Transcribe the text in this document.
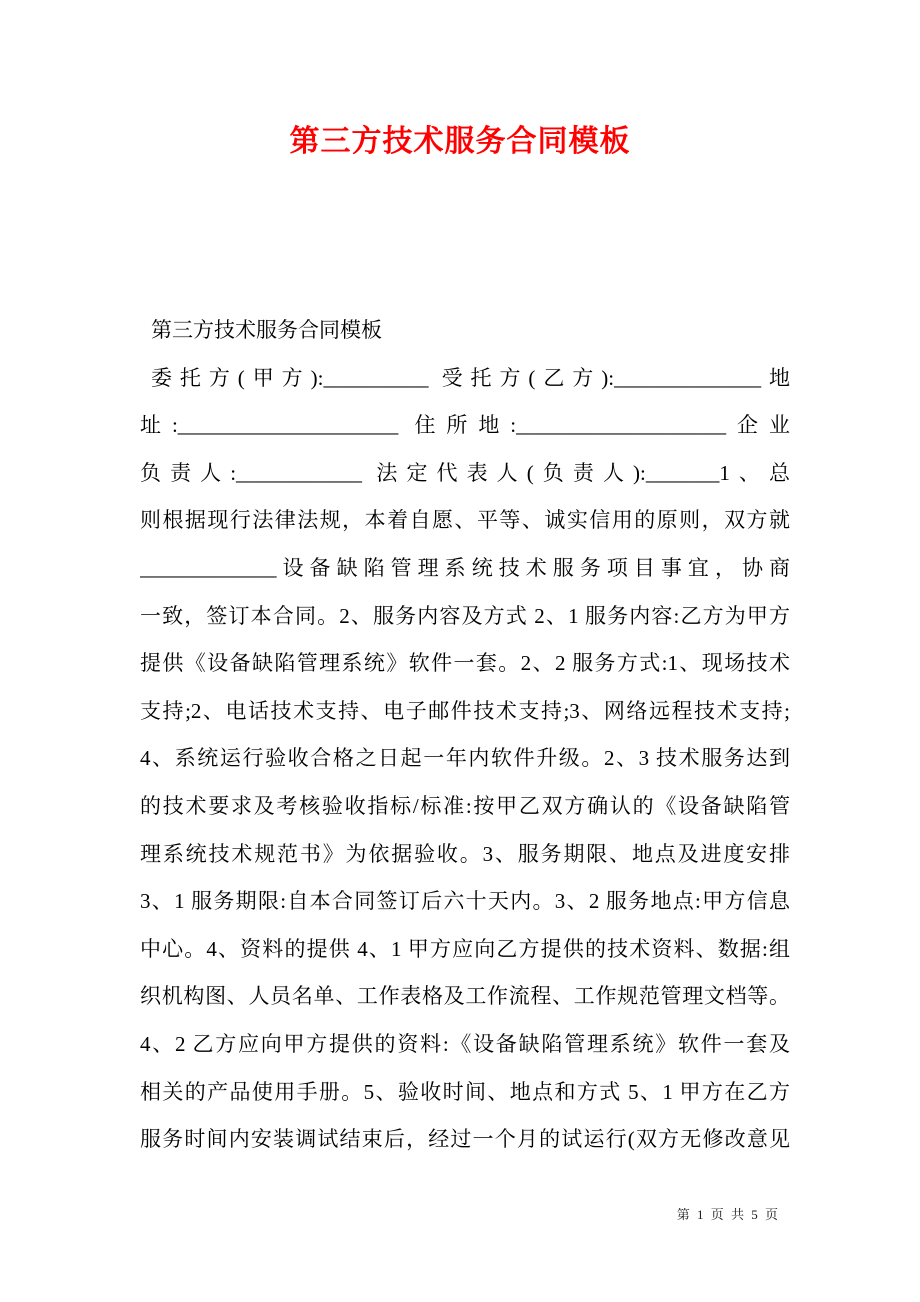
第三方技术服务合同模板
第三方技术服务合同模板
委托方(甲方):__________ 受托方(乙方):______________地
址:_____________________ 住所地:____________________企业
负责人:____________ 法定代表人(负责人):_______1、总
则根据现行法律法规，本着自愿、平等、诚实信用的原则，双方就
_____________设备缺陷管理系统技术服务项目事宜，协商
一致，签订本合同。2、服务内容及方式 2、1 服务内容:乙方为甲方
提供《设备缺陷管理系统》软件一套。2、2 服务方式:1、现场技术
支持;2、电话技术支持、电子邮件技术支持;3、网络远程技术支持;
4、系统运行验收合格之日起一年内软件升级。2、3 技术服务达到
的技术要求及考核验收指标/标准:按甲乙双方确认的《设备缺陷管
理系统技术规范书》为依据验收。3、服务期限、地点及进度安排
3、1 服务期限:自本合同签订后六十天内。3、2 服务地点:甲方信息
中心。4、资料的提供 4、1 甲方应向乙方提供的技术资料、数据:组
织机构图、人员名单、工作表格及工作流程、工作规范管理文档等。
4、2 乙方应向甲方提供的资料:《设备缺陷管理系统》软件一套及
相关的产品使用手册。5、验收时间、地点和方式 5、1 甲方在乙方
服务时间内安装调试结束后，经过一个月的试运行(双方无修改意见
第 1 页 共 5 页
